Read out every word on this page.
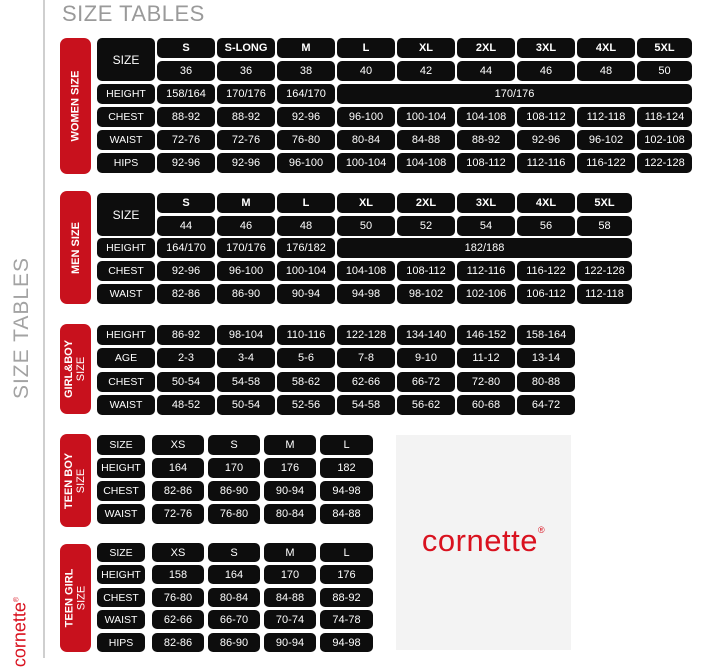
SIZE TABLES
SIZE TABLES
cornette®
WOMEN SIZE
SIZE
S	S-LONG	M	L	XL	2XL	3XL	4XL	5XL
36	36	38	40	42	44	46	48	50
HEIGHT	158/164	170/176	164/170	170/176
CHEST	88-92	88-92	92-96	96-100	100-104	104-108	108-112	112-118	118-124
WAIST	72-76	72-76	76-80	80-84	84-88	88-92	92-96	96-102	102-108
HIPS	92-96	92-96	96-100	100-104	104-108	108-112	112-116	116-122	122-128
MEN SIZE
SIZE
S	M	L	XL	2XL	3XL	4XL	5XL
44	46	48	50	52	54	56	58
HEIGHT	164/170	170/176	176/182	182/188
CHEST	92-96	96-100	100-104	104-108	108-112	112-116	116-122	122-128
WAIST	82-86	86-90	90-94	94-98	98-102	102-106	106-112	112-118
GIRL&BOY SIZE
HEIGHT	86-92	98-104	110-116	122-128	134-140	146-152	158-164
AGE	2-3	3-4	5-6	7-8	9-10	11-12	13-14
CHEST	50-54	54-58	58-62	62-66	66-72	72-80	80-88
WAIST	48-52	50-54	52-56	54-58	56-62	60-68	64-72
TEEN BOY SIZE
SIZE	XS	S	M	L
HEIGHT	164	170	176	182
CHEST	82-86	86-90	90-94	94-98
WAIST	72-76	76-80	80-84	84-88
TEEN GIRL SIZE
SIZE	XS	S	M	L
HEIGHT	158	164	170	176
CHEST	76-80	80-84	84-88	88-92
WAIST	62-66	66-70	70-74	74-78
HIPS	82-86	86-90	90-94	94-98
cornette®
